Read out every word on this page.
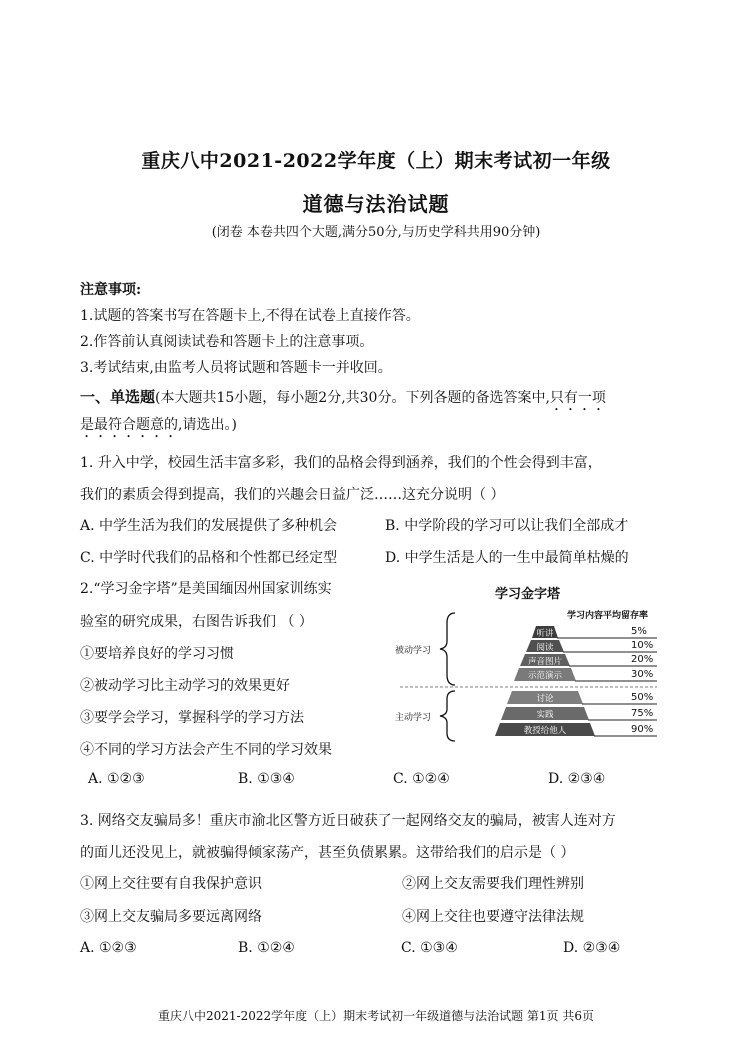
重庆八中2021-2022学年度（上）期末考试初一年级
道德与法治试题
(闭卷 本卷共四个大题,满分50分,与历史学科共用90分钟)
注意事项:
1.试题的答案书写在答题卡上,不得在试卷上直接作答。
2.作答前认真阅读试卷和答题卡上的注意事项。
3.考试结束,由监考人员将试题和答题卡一并收回。
一、单选题(本大题共15小题，每小题2分,共30分。下列各题的备选答案中,只有一项
是最符合题意的,请选出。)
1. 升入中学，校园生活丰富多彩，我们的品格会得到涵养，我们的个性会得到丰富，
我们的素质会得到提高，我们的兴趣会日益广泛……这充分说明（ ）
A. 中学生活为我们的发展提供了多种机会	B. 中学阶段的学习可以让我们全部成才
C. 中学时代我们的品格和个性都已经定型	D. 中学生活是人的一生中最简单枯燥的
2.“学习金字塔”是美国缅因州国家训练实
验室的研究成果，右图告诉我们 （ ）
①要培养良好的学习习惯
②被动学习比主动学习的效果更好
③要学会学习，掌握科学的学习方法
④不同的学习方法会产生不同的学习效果
A. ①②③	B. ①③④	C. ①②④	D. ②③④
学习金字塔
学习内容平均留存率
被动学习
主动学习
听讲
阅读
声音图片
示范演示
讨论
实践
教授给他人
5%
10%
20%
30%
50%
75%
90%
3. 网络交友骗局多！重庆市渝北区警方近日破获了一起网络交友的骗局，被害人连对方
的面儿还没见上，就被骗得倾家荡产，甚至负债累累。这带给我们的启示是（ ）
①网上交往要有自我保护意识	②网上交友需要我们理性辨别
③网上交友骗局多要远离网络	④网上交往也要遵守法律法规
A. ①②③	B. ①②④	C. ①③④	D. ②③④
重庆八中2021-2022学年度（上）期末考试初一年级道德与法治试题 第1页 共6页
